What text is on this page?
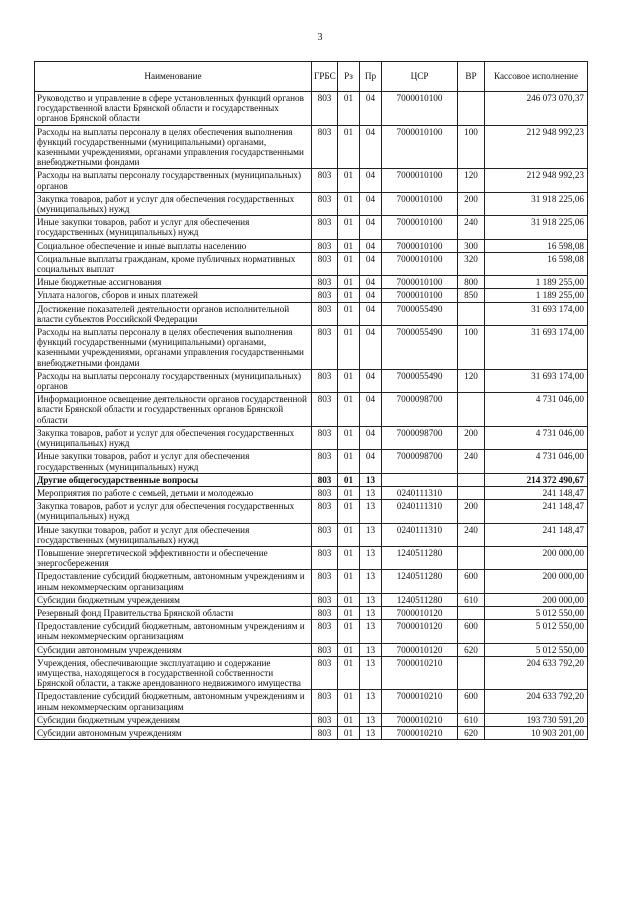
3
Наименование	ГРБС	Рз	Пр	ЦСР	ВР	Кассовое исполнение
Руководство и управление в сфере установленных функций органов государственной власти Брянской области и государственных органов Брянской области	803	01	04	7000010100		246 073 070,37
Расходы на выплаты персоналу в целях обеспечения выполнения функций государственными (муниципальными) органами, казенными учреждениями, органами управления государственными внебюджетными фондами	803	01	04	7000010100	100	212 948 992,23
Расходы на выплаты персоналу государственных (муниципальных) органов	803	01	04	7000010100	120	212 948 992,23
Закупка товаров, работ и услуг для обеспечения государственных (муниципальных) нужд	803	01	04	7000010100	200	31 918 225,06
Иные закупки товаров, работ и услуг для обеспечения государственных (муниципальных) нужд	803	01	04	7000010100	240	31 918 225,06
Социальное обеспечение и иные выплаты населению	803	01	04	7000010100	300	16 598,08
Социальные выплаты гражданам, кроме публичных нормативных социальных выплат	803	01	04	7000010100	320	16 598,08
Иные бюджетные ассигнования	803	01	04	7000010100	800	1 189 255,00
Уплата налогов, сборов и иных платежей	803	01	04	7000010100	850	1 189 255,00
Достижение показателей деятельности органов исполнительной власти субъектов Российской Федерации	803	01	04	7000055490		31 693 174,00
Расходы на выплаты персоналу в целях обеспечения выполнения функций государственными (муниципальными) органами, казенными учреждениями, органами управления государственными внебюджетными фондами	803	01	04	7000055490	100	31 693 174,00
Расходы на выплаты персоналу государственных (муниципальных) органов	803	01	04	7000055490	120	31 693 174,00
Информационное освещение деятельности органов государственной власти Брянской области и государственных органов Брянской области	803	01	04	7000098700		4 731 046,00
Закупка товаров, работ и услуг для обеспечения государственных (муниципальных) нужд	803	01	04	7000098700	200	4 731 046,00
Иные закупки товаров, работ и услуг для обеспечения государственных (муниципальных) нужд	803	01	04	7000098700	240	4 731 046,00
Другие общегосударственные вопросы	803	01	13			214 372 490,67
Мероприятия по работе с семьей, детьми и молодежью	803	01	13	0240111310		241 148,47
Закупка товаров, работ и услуг для обеспечения государственных (муниципальных) нужд	803	01	13	0240111310	200	241 148,47
Иные закупки товаров, работ и услуг для обеспечения государственных (муниципальных) нужд	803	01	13	0240111310	240	241 148,47
Повышение энергетической эффективности и обеспечение энергосбережения	803	01	13	1240511280		200 000,00
Предоставление субсидий бюджетным, автономным учреждениям и иным некоммерческим организациям	803	01	13	1240511280	600	200 000,00
Субсидии бюджетным учреждениям	803	01	13	1240511280	610	200 000,00
Резервный фонд Правительства Брянской области	803	01	13	7000010120		5 012 550,00
Предоставление субсидий бюджетным, автономным учреждениям и иным некоммерческим организациям	803	01	13	7000010120	600	5 012 550,00
Субсидии автономным учреждениям	803	01	13	7000010120	620	5 012 550,00
Учреждения, обеспечивающие эксплуатацию и содержание имущества, находящегося в государственной собственности Брянской области, а также арендованного недвижимого имущества	803	01	13	7000010210		204 633 792,20
Предоставление субсидий бюджетным, автономным учреждениям и иным некоммерческим организациям	803	01	13	7000010210	600	204 633 792,20
Субсидии бюджетным учреждениям	803	01	13	7000010210	610	193 730 591,20
Субсидии автономным учреждениям	803	01	13	7000010210	620	10 903 201,00
